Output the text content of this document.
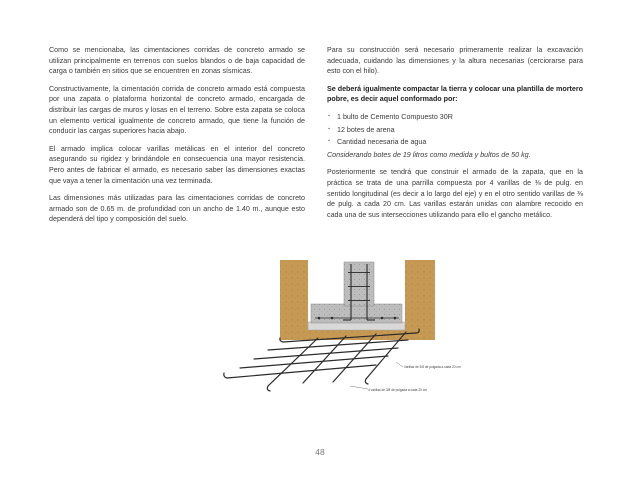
Como se mencionaba, las cimentaciones corridas de concreto armado se utilizan principalmente en terrenos con suelos blandos o de baja capacidad de carga o también en sitios que se encuentren en zonas sísmicas.

Constructivamente, la cimentación corrida de concreto armado está compuesta por una zapata o plataforma horizontal de concreto armado, encargada de distribuir las cargas de muros y losas en el terreno. Sobre esta zapata se coloca un elemento vertical igualmente de concreto armado, que tiene la función de conducir las cargas superiores hacia abajo.

El armado implica colocar varillas metálicas en el interior del concreto asegurando su rigidez y brindándole en consecuencia una mayor resistencia. Pero antes de fabricar el armado, es necesario saber las dimensiones exactas que vaya a tener la cimentación una vez terminada.

Las dimensiones más utilizadas para las cimentaciones corridas de concreto armado son de 0.65 m. de profundidad con un ancho de 1.40 m., aunque esto dependerá del tipo y composición del suelo.

Para su construcción será necesario primeramente realizar la excavación adecuada, cuidando las dimensiones y la altura necesarias (cerciorarse para esto con el hilo).

Se deberá igualmente compactar la tierra y colocar una plantilla de mortero pobre, es decir aquel conformado por:

· 1 bulto de Cemento Compuesto 30R
· 12 botes de arena
· Cantidad necesaria de agua

Considerando botes de 19 litros como medida y bultos de 50 kg.

Posteriormente se tendrá que construir el armado de la zapata, que en la práctica se trata de una parrilla compuesta por 4 varillas de ⅜ de pulg. en sentido longitudinal (es decir a lo largo del eje) y en el otro sentido varillas de ⅜ de pulg. a cada 20 cm. Las varillas estarán unidas con alambre recocido en cada una de sus intersecciones utilizando para ello el gancho metálico.

Varillas de 3/8 de pulgada a cada 20 cm
4 varillas de 3/8 de pulgada a cada 20 cm
48
